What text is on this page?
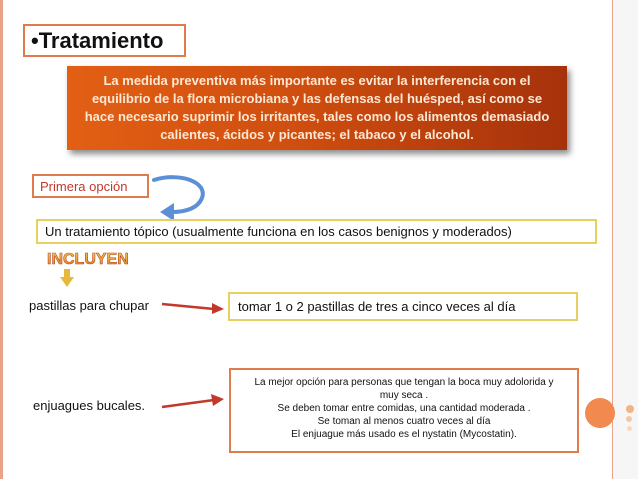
•Tratamiento
La medida preventiva más importante es evitar la interferencia con el equilibrio de la flora microbiana y las defensas del huésped, así como se hace necesario suprimir los irritantes, tales como los alimentos demasiado calientes, ácidos y picantes; el tabaco y el alcohol.
Primera opción
Un tratamiento tópico (usualmente funciona en los casos benignos y moderados)
INCLUYEN
pastillas para chupar	tomar 1 o 2 pastillas de tres a cinco veces al día
enjuagues bucales.
La mejor opción para personas que tengan la boca muy adolorida y
muy seca .
Se deben tomar entre comidas, una cantidad moderada .
Se toman al menos cuatro veces al día
El enjuague más usado es el nystatin (Mycostatin).
